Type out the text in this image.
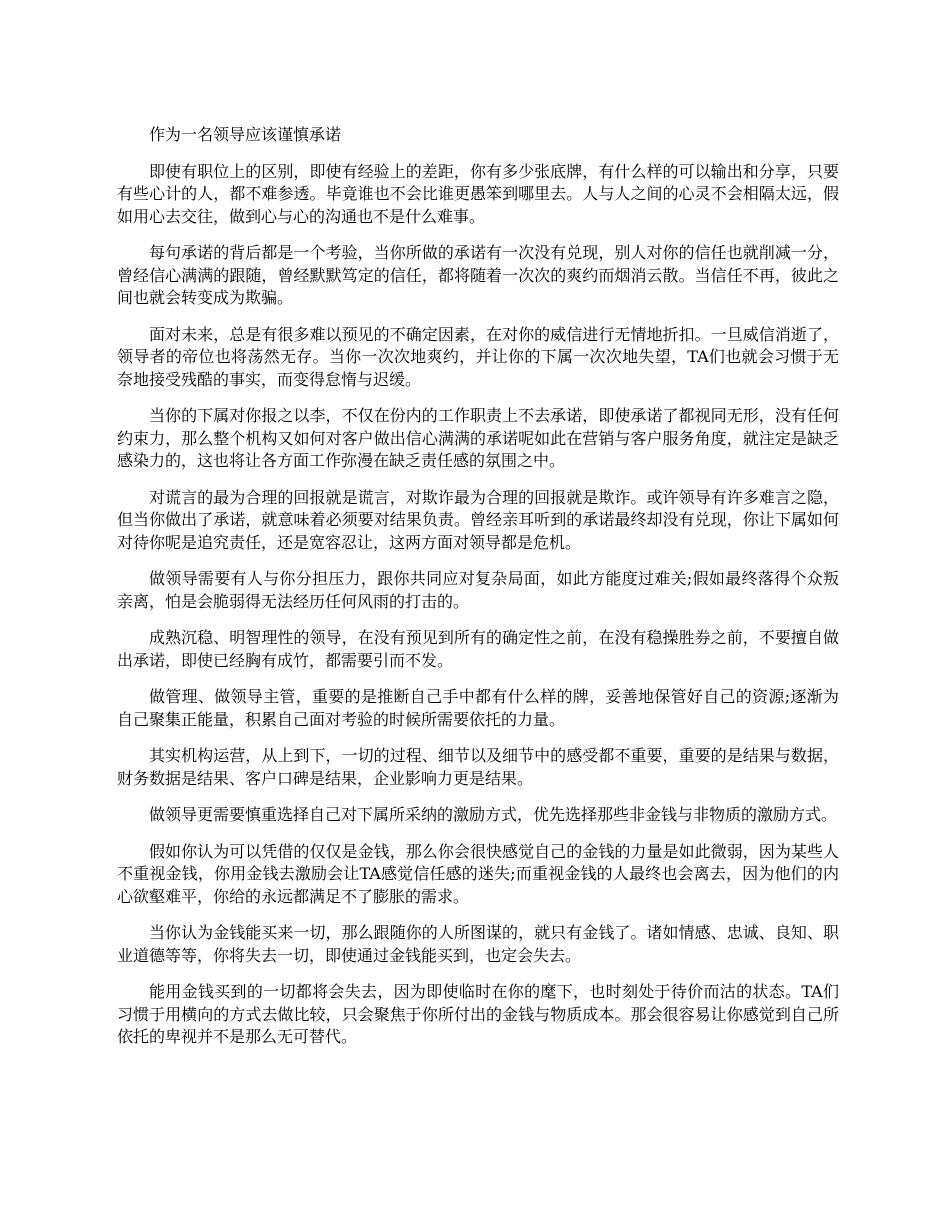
作为一名领导应该谨慎承诺

即使有职位上的区别，即使有经验上的差距，你有多少张底牌，有什么样的可以输出和分享，只要有些心计的人，都不难参透。毕竟谁也不会比谁更愚笨到哪里去。人与人之间的心灵不会相隔太远，假如用心去交往，做到心与心的沟通也不是什么难事。

每句承诺的背后都是一个考验，当你所做的承诺有一次没有兑现，别人对你的信任也就削减一分，曾经信心满满的跟随，曾经默默笃定的信任，都将随着一次次的爽约而烟消云散。当信任不再，彼此之间也就会转变成为欺骗。

面对未来，总是有很多难以预见的不确定因素，在对你的威信进行无情地折扣。一旦威信消逝了，领导者的帝位也将荡然无存。当你一次次地爽约，并让你的下属一次次地失望，TA们也就会习惯于无奈地接受残酷的事实，而变得怠惰与迟缓。

当你的下属对你报之以李，不仅在份内的工作职责上不去承诺，即使承诺了都视同无形，没有任何约束力，那么整个机构又如何对客户做出信心满满的承诺呢如此在营销与客户服务角度，就注定是缺乏感染力的，这也将让各方面工作弥漫在缺乏责任感的氛围之中。

对谎言的最为合理的回报就是谎言，对欺诈最为合理的回报就是欺诈。或许领导有许多难言之隐，但当你做出了承诺，就意味着必须要对结果负责。曾经亲耳听到的承诺最终却没有兑现，你让下属如何对待你呢是追究责任，还是宽容忍让，这两方面对领导都是危机。

做领导需要有人与你分担压力，跟你共同应对复杂局面，如此方能度过难关;假如最终落得个众叛亲离，怕是会脆弱得无法经历任何风雨的打击的。

成熟沉稳、明智理性的领导，在没有预见到所有的确定性之前，在没有稳操胜券之前，不要擅自做出承诺，即使已经胸有成竹，都需要引而不发。

做管理、做领导主管，重要的是推断自己手中都有什么样的牌，妥善地保管好自己的资源;逐渐为自己聚集正能量，积累自己面对考验的时候所需要依托的力量。

其实机构运营，从上到下，一切的过程、细节以及细节中的感受都不重要，重要的是结果与数据，财务数据是结果、客户口碑是结果，企业影响力更是结果。

做领导更需要慎重选择自己对下属所采纳的激励方式，优先选择那些非金钱与非物质的激励方式。

假如你认为可以凭借的仅仅是金钱，那么你会很快感觉自己的金钱的力量是如此微弱，因为某些人不重视金钱，你用金钱去激励会让TA感觉信任感的迷失;而重视金钱的人最终也会离去，因为他们的内心欲壑难平，你给的永远都满足不了膨胀的需求。

当你认为金钱能买来一切，那么跟随你的人所图谋的，就只有金钱了。诸如情感、忠诚、良知、职业道德等等，你将失去一切，即使通过金钱能买到，也定会失去。

能用金钱买到的一切都将会失去，因为即使临时在你的麾下，也时刻处于待价而沽的状态。TA们习惯于用横向的方式去做比较，只会聚焦于你所付出的金钱与物质成本。那会很容易让你感觉到自己所依托的卑视并不是那么无可替代。
